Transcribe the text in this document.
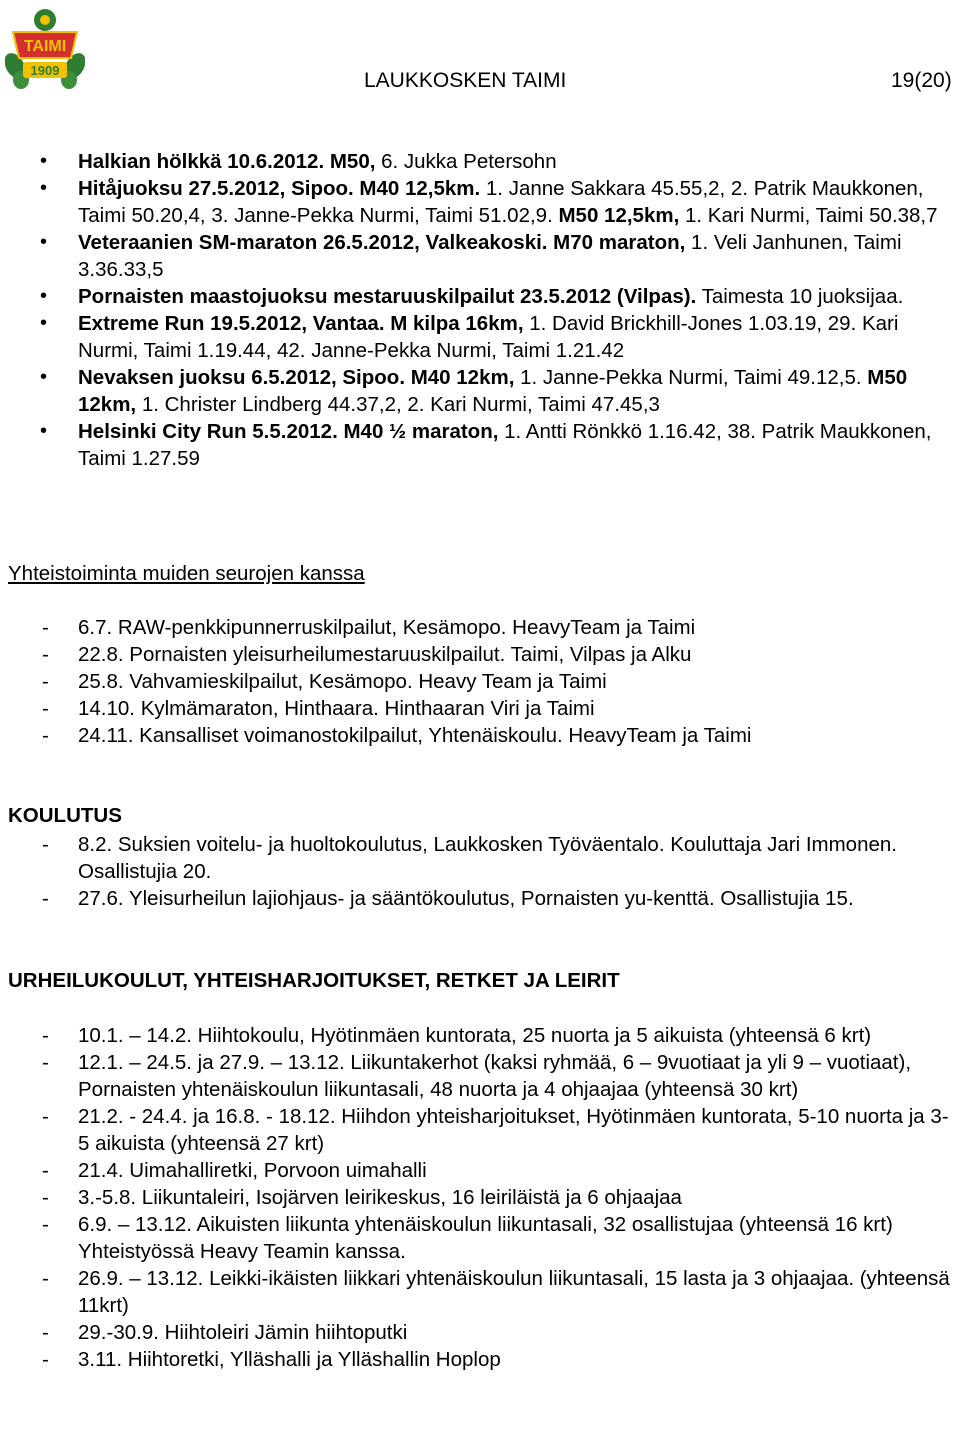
TAIMI
1909	LAUKKOSKEN TAIMI	19(20)
• Halkian hölkkä 10.6.2012. M50, 6. Jukka Petersohn
• Hitåjuoksu 27.5.2012, Sipoo. M40 12,5km. 1. Janne Sakkara 45.55,2, 2. Patrik Maukkonen, Taimi 50.20,4, 3. Janne-Pekka Nurmi, Taimi 51.02,9. M50 12,5km, 1. Kari Nurmi, Taimi 50.38,7
• Veteraanien SM-maraton 26.5.2012, Valkeakoski. M70 maraton, 1. Veli Janhunen, Taimi 3.36.33,5
• Pornaisten maastojuoksu mestaruuskilpailut 23.5.2012 (Vilpas). Taimesta 10 juoksijaa.
• Extreme Run 19.5.2012, Vantaa. M kilpa 16km, 1. David Brickhill-Jones 1.03.19, 29. Kari Nurmi, Taimi 1.19.44, 42. Janne-Pekka Nurmi, Taimi 1.21.42
• Nevaksen juoksu 6.5.2012, Sipoo. M40 12km, 1. Janne-Pekka Nurmi, Taimi 49.12,5. M50 12km, 1. Christer Lindberg 44.37,2, 2. Kari Nurmi, Taimi 47.45,3
• Helsinki City Run 5.5.2012. M40 ½ maraton, 1. Antti Rönkkö 1.16.42, 38. Patrik Maukkonen, Taimi 1.27.59
Yhteistoiminta muiden seurojen kanssa
- 6.7. RAW-penkkipunnerruskilpailut, Kesämopo. HeavyTeam ja Taimi
- 22.8. Pornaisten yleisurheilumestaruuskilpailut. Taimi, Vilpas ja Alku
- 25.8. Vahvamieskilpailut, Kesämopo. Heavy Team ja Taimi
- 14.10. Kylmämaraton, Hinthaara. Hinthaaran Viri ja Taimi
- 24.11. Kansalliset voimanostokilpailut, Yhtenäiskoulu. HeavyTeam ja Taimi
KOULUTUS
- 8.2. Suksien voitelu- ja huoltokoulutus, Laukkosken Työväentalo. Kouluttaja Jari Immonen. Osallistujia 20.
- 27.6. Yleisurheilun lajiohjaus- ja sääntökoulutus, Pornaisten yu-kenttä. Osallistujia 15.
URHEILUKOULUT, YHTEISHARJOITUKSET, RETKET JA LEIRIT
- 10.1. – 14.2. Hiihtokoulu, Hyötinmäen kuntorata, 25 nuorta ja 5 aikuista (yhteensä 6 krt)
- 12.1. – 24.5. ja 27.9. – 13.12. Liikuntakerhot (kaksi ryhmää, 6 – 9vuotiaat ja yli 9 – vuotiaat), Pornaisten yhtenäiskoulun liikuntasali, 48 nuorta ja 4 ohjaajaa (yhteensä 30 krt)
- 21.2. - 24.4. ja 16.8. - 18.12. Hiihdon yhteisharjoitukset, Hyötinmäen kuntorata, 5-10 nuorta ja 3-5 aikuista (yhteensä 27 krt)
- 21.4. Uimahalliretki, Porvoon uimahalli
- 3.-5.8. Liikuntaleiri, Isojärven leirikeskus, 16 leiriläistä ja 6 ohjaajaa
- 6.9. – 13.12. Aikuisten liikunta yhtenäiskoulun liikuntasali, 32 osallistujaa (yhteensä 16 krt) Yhteistyössä Heavy Teamin kanssa.
- 26.9. – 13.12. Leikki-ikäisten liikkari yhtenäiskoulun liikuntasali, 15 lasta ja 3 ohjaajaa. (yhteensä 11krt)
- 29.-30.9. Hiihtoleiri Jämin hiihtoputki
- 3.11. Hiihtoretki, Ylläshalli ja Ylläshallin Hoplop
